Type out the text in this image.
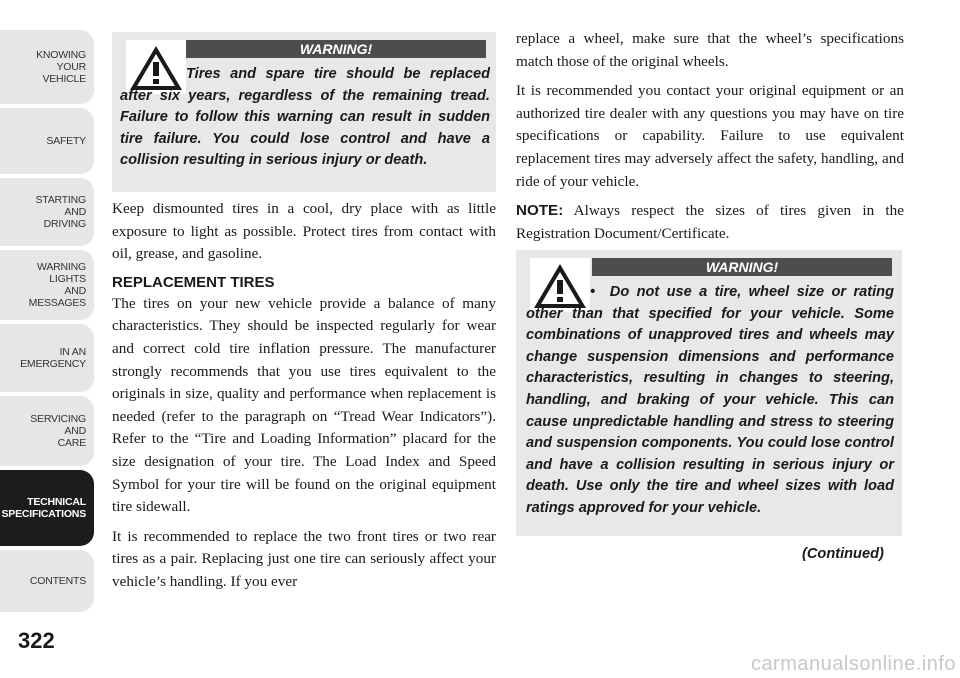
KNOWING
YOUR
VEHICLE
SAFETY
STARTING
AND
DRIVING
WARNING
LIGHTS
AND
MESSAGES
IN AN
EMERGENCY
SERVICING
AND
CARE
TECHNICAL
SPECIFICATIONS
CONTENTS
322
WARNING!
Tires and spare tire should be replaced after six years, regardless of the remaining tread. Failure to follow this warning can result in sudden tire failure. You could lose control and have a collision resulting in serious injury or death.

Keep dismounted tires in a cool, dry place with as little exposure to light as possible. Protect tires from contact with oil, grease, and gasoline.

REPLACEMENT TIRES

The tires on your new vehicle provide a balance of many characteristics. They should be inspected regularly for wear and correct cold tire inflation pressure. The manufacturer strongly recommends that you use tires equivalent to the originals in size, quality and performance when replacement is needed (refer to the paragraph on “Tread Wear Indicators”). Refer to the “Tire and Loading Information” placard for the size designation of your tire. The Load Index and Speed Symbol for your tire will be found on the original equipment tire sidewall.

It is recommended to replace the two front tires or two rear tires as a pair. Replacing just one tire can seriously affect your vehicle’s handling. If you ever

replace a wheel, make sure that the wheel’s specifications match those of the original wheels.

It is recommended you contact your original equipment or an authorized tire dealer with any questions you may have on tire specifications or capability. Failure to use equivalent replacement tires may adversely affect the safety, handling, and ride of your vehicle.

NOTE: Always respect the sizes of tires given in the Registration Document/Certificate.

WARNING!
• Do not use a tire, wheel size or rating other than that specified for your vehicle. Some combinations of unapproved tires and wheels may change suspension dimensions and performance characteristics, resulting in changes to steering, handling, and braking of your vehicle. This can cause unpredictable handling and stress to steering and suspension components. You could lose control and have a collision resulting in serious injury or death. Use only the tire and wheel sizes with load ratings approved for your vehicle.
(Continued)
carmanualsonline.info
